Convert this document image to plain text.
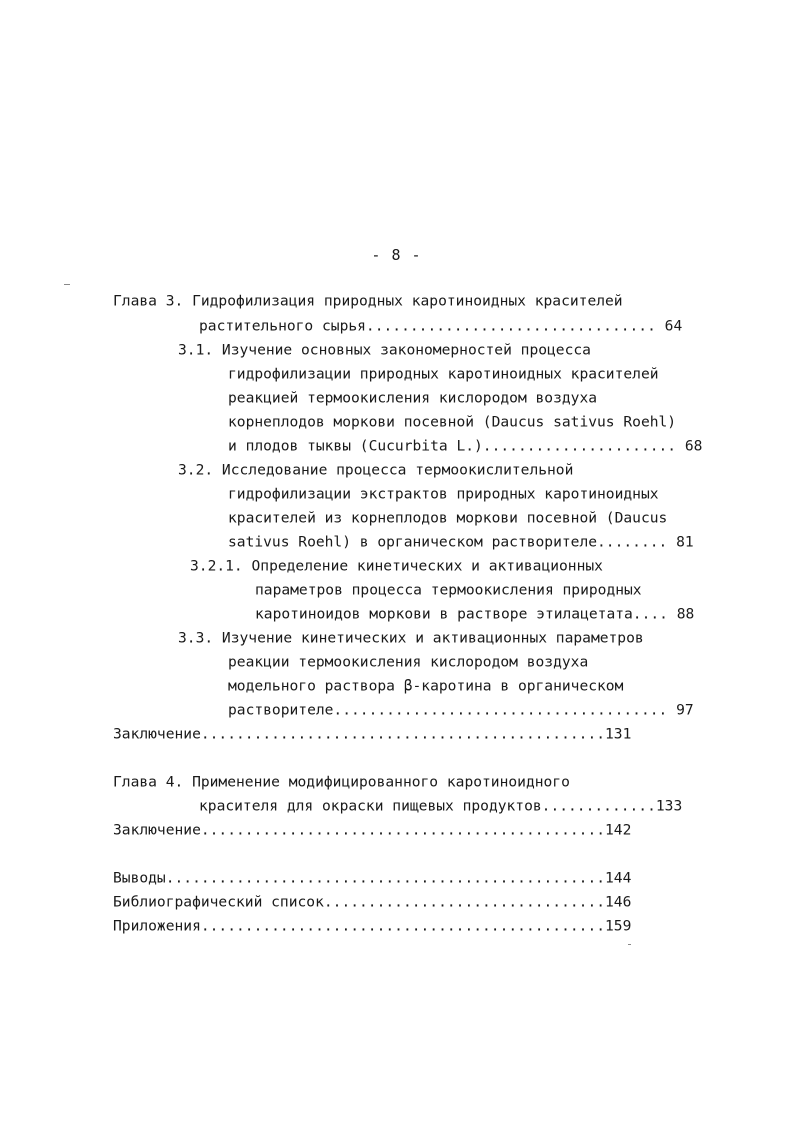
- 8 -
Глава 3. Гидрофилизация природных каротиноидных красителей
растительного сырья................................. 64
3.1. Изучение основных закономерностей процесса
гидрофилизации природных каротиноидных красителей
реакцией термоокисления кислородом воздуха
корнеплодов моркови посевной (Daucus sativus Roehl)
и плодов тыквы (Cucurbita L.)...................... 68
3.2. Исследование процесса термоокислительной
гидрофилизации экстрактов природных каротиноидных
красителей из корнеплодов моркови посевной (Daucus
sativus Roehl) в органическом растворителе........ 81
3.2.1. Определение кинетических и активационных
параметров процесса термоокисления природных
каротиноидов моркови в растворе этилацетата.... 88
3.3. Изучение кинетических и активационных параметров
реакции термоокисления кислородом воздуха
модельного раствора β-каротина в органическом
растворителе...................................... 97
Заключение..............................................131
Глава 4. Применение модифицированного каротиноидного
красителя для окраски пищевых продуктов.............133
Заключение..............................................142
Выводы..................................................144
Библиографический список................................146
Приложения..............................................159
